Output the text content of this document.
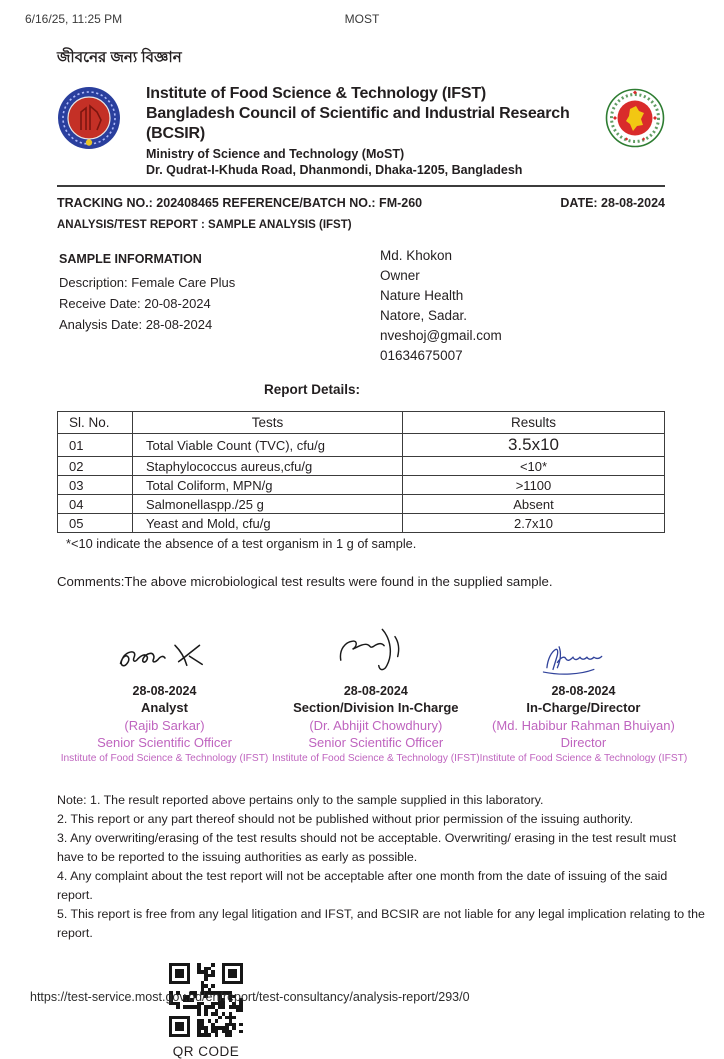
6/16/25, 11:25 PM	MOST
জীবনের জন্য বিজ্ঞান
Institute of Food Science & Technology (IFST)
Bangladesh Council of Scientific and Industrial Research (BCSIR)
Ministry of Science and Technology (MoST)
Dr. Qudrat-I-Khuda Road, Dhanmondi, Dhaka-1205, Bangladesh
TRACKING NO.: 202408465 REFERENCE/BATCH NO.: FM-260	DATE: 28-08-2024
ANALYSIS/TEST REPORT : SAMPLE ANALYSIS (IFST)
SAMPLE INFORMATION
Description: Female Care Plus
Receive Date: 20-08-2024
Analysis Date: 28-08-2024
Md. Khokon
Owner
Nature Health
Natore, Sadar.
nveshoj@gmail.com
01634675007
Report Details:
Sl. No.	Tests	Results
01	Total Viable Count (TVC), cfu/g	3.5x10
02	Staphylococcus aureus,cfu/g	<10*
03	Total Coliform, MPN/g	>1100
04	Salmonellaspp./25 g	Absent
05	Yeast and Mold, cfu/g	2.7x10
*<10 indicate the absence of a test organism in 1 g of sample.
Comments:The above microbiological test results were found in the supplied sample.
28-08-2024
Analyst
(Rajib Sarkar)
Senior Scientific Officer
Institute of Food Science & Technology (IFST)
28-08-2024
Section/Division In-Charge
(Dr. Abhijit Chowdhury)
Senior Scientific Officer
Institute of Food Science & Technology (IFST)
28-08-2024
In-Charge/Director
(Md. Habibur Rahman Bhuiyan)
Director
Institute of Food Science & Technology (IFST)
Note: 1. The result reported above pertains only to the sample supplied in this laboratory.
2. This report or any part thereof should not be published without prior permission of the issuing authority.
3. Any overwriting/erasing of the test results should not be acceptable. Overwriting/ erasing in the test result must have to be reported to the issuing authorities as early as possible.
4. Any complaint about the test report will not be acceptable after one month from the date of issuing of the said report.
5. This report is free from any legal litigation and IFST, and BCSIR are not liable for any legal implication relating to the report.
QR CODE
https://test-service.most.gov.bd/en/report/test-consultancy/analysis-report/293/0
